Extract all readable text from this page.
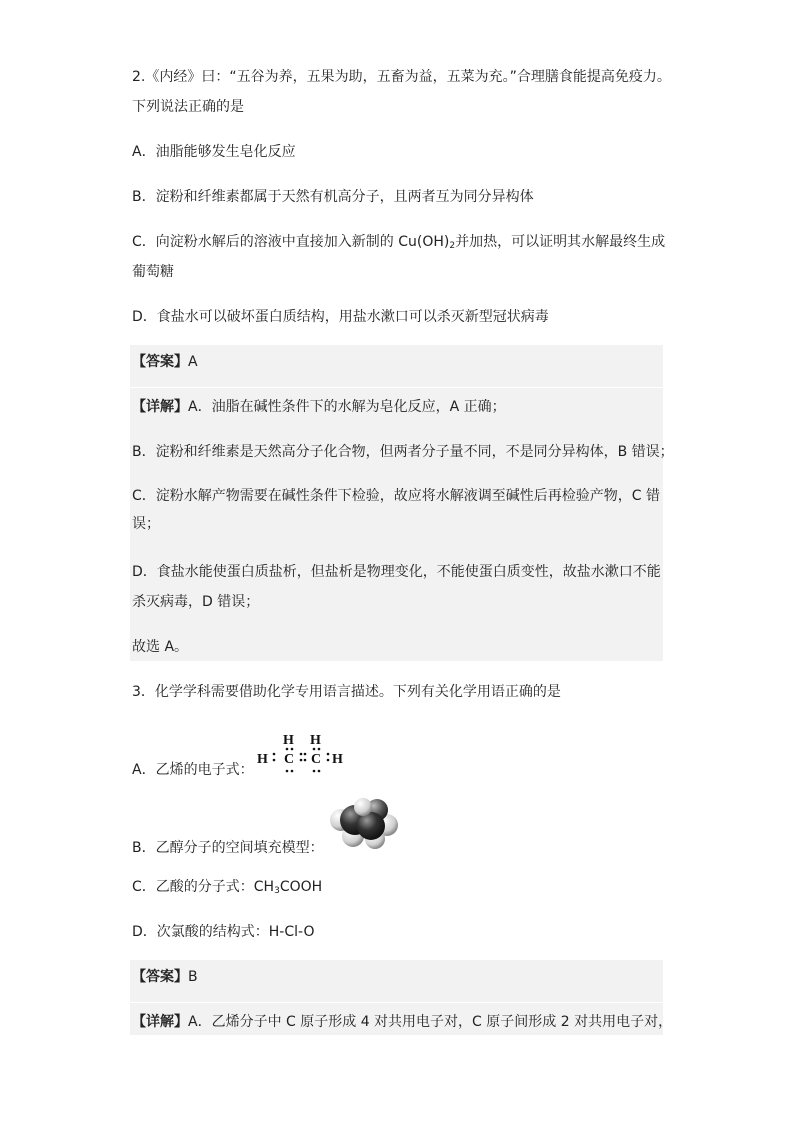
2.《内经》曰：“五谷为养，五果为助，五畜为益，五菜为充。”合理膳食能提高免疫力。
下列说法正确的是
A．油脂能够发生皂化反应
B．淀粉和纤维素都属于天然有机高分子，且两者互为同分异构体
C．向淀粉水解后的溶液中直接加入新制的 $Cu(OH)_2$并加热，可以证明其水解最终生成
葡萄糖
D．食盐水可以破坏蛋白质结构，用盐水漱口可以杀灭新型冠状病毒
【答案】A
【详解】A．油脂在碱性条件下的水解为皂化反应，A 正确；
B．淀粉和纤维素是天然高分子化合物，但两者分子量不同，不是同分异构体，B 错误；
C．淀粉水解产物需要在碱性条件下检验，故应将水解液调至碱性后再检验产物，C 错
误；
D．食盐水能使蛋白质盐析，但盐析是物理变化，不能使蛋白质变性，故盐水漱口不能
杀灭病毒，D 错误；
故选 A。
3．化学学科需要借助化学专用语言描述。下列有关化学用语正确的是
A．乙烯的电子式：
H H
H C C H
B．乙醇分子的空间填充模型：
C．乙酸的分子式：$CH_3COOH$
D．次氯酸的结构式：H-Cl-O
【答案】B
【详解】A．乙烯分子中 C 原子形成 4 对共用电子对，C 原子间形成 2 对共用电子对，
